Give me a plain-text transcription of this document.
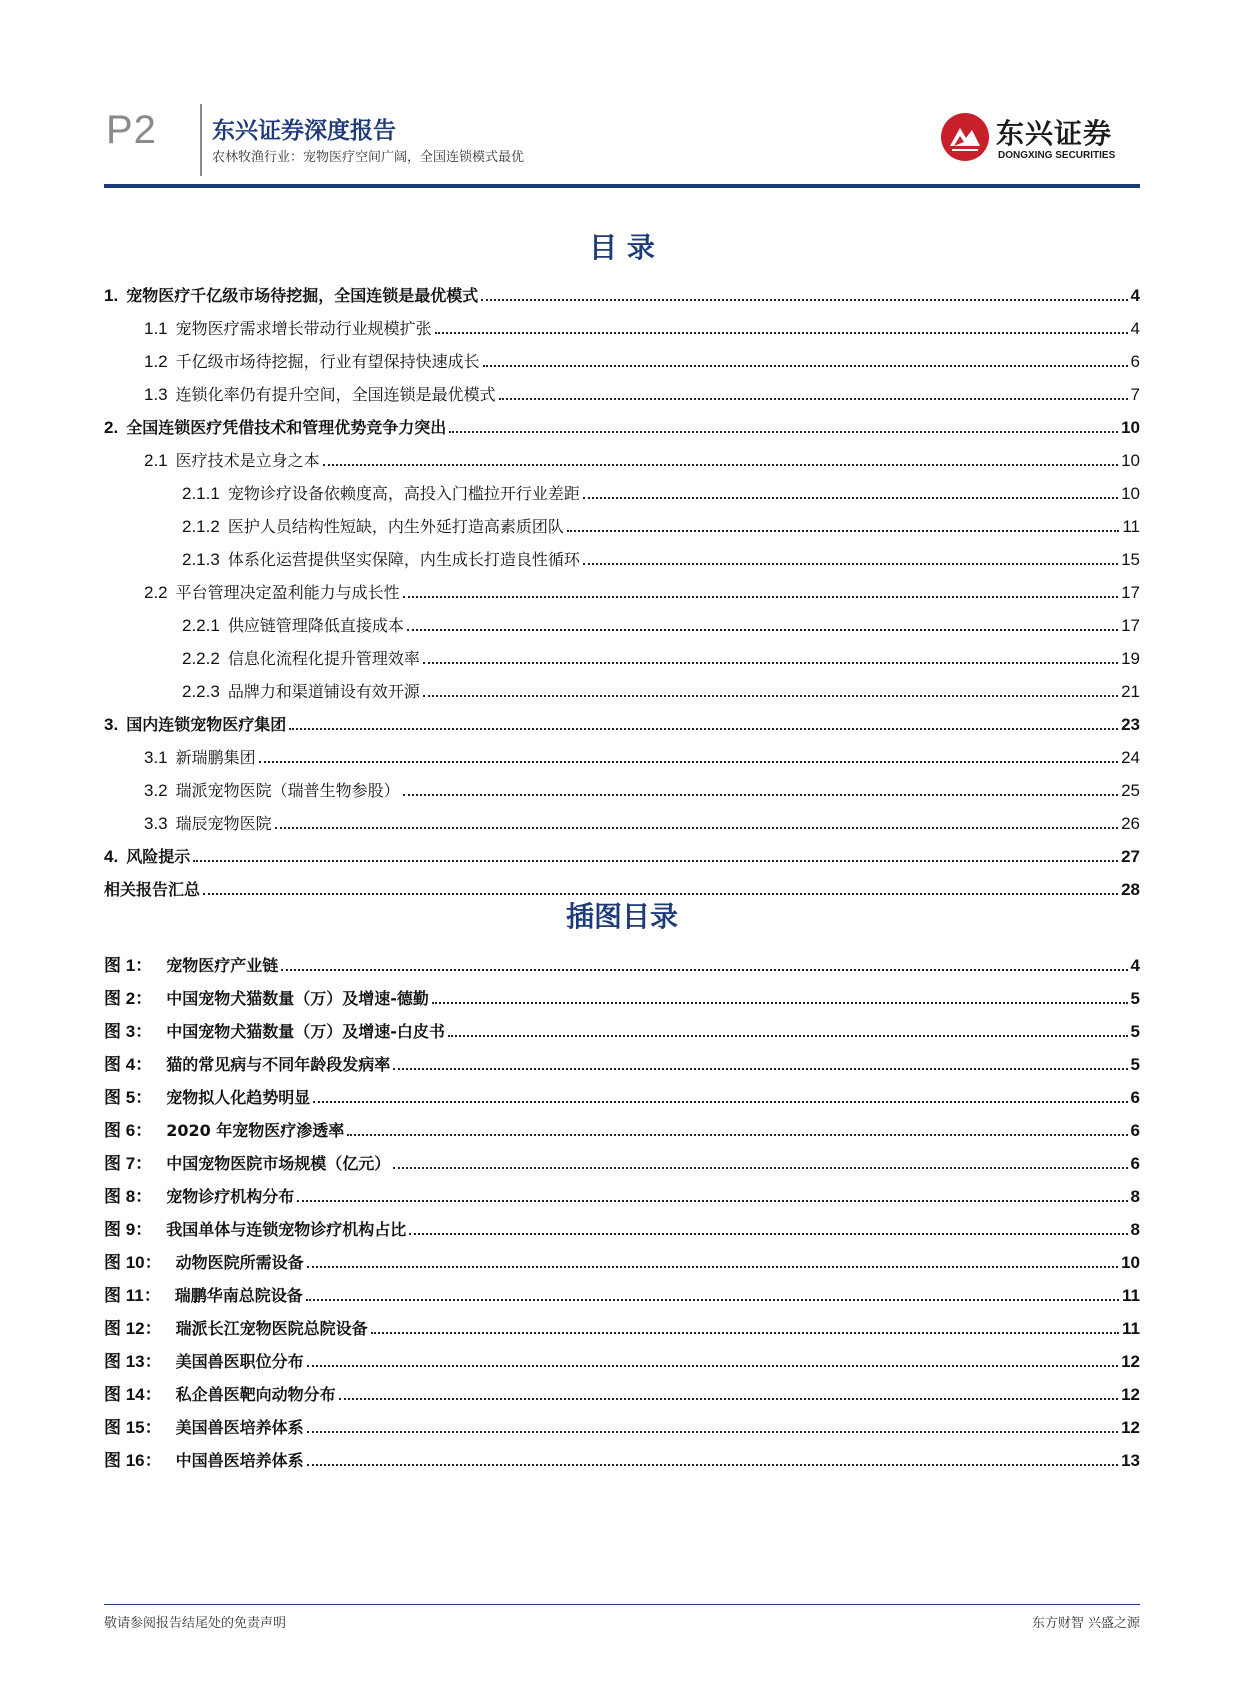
P2 东兴证券深度报告
农林牧渔行业：宠物医疗空间广阔，全国连锁模式最优
东兴证券
DONGXING SECURITIES
目 录
1. 宠物医疗千亿级市场待挖掘，全国连锁是最优模式	4
1.1 宠物医疗需求增长带动行业规模扩张	4
1.2 千亿级市场待挖掘，行业有望保持快速成长	6
1.3 连锁化率仍有提升空间，全国连锁是最优模式	7
2. 全国连锁医疗凭借技术和管理优势竞争力突出	10
2.1 医疗技术是立身之本	10
2.1.1 宠物诊疗设备依赖度高，高投入门槛拉开行业差距	10
2.1.2 医护人员结构性短缺，内生外延打造高素质团队	11
2.1.3 体系化运营提供坚实保障，内生成长打造良性循环	15
2.2 平台管理决定盈利能力与成长性	17
2.2.1 供应链管理降低直接成本	17
2.2.2 信息化流程化提升管理效率	19
2.2.3 品牌力和渠道铺设有效开源	21
3. 国内连锁宠物医疗集团	23
3.1 新瑞鹏集团	24
3.2 瑞派宠物医院（瑞普生物参股）	25
3.3 瑞辰宠物医院	26
4. 风险提示	27
相关报告汇总	28
插图目录
图 1： 宠物医疗产业链	4
图 2： 中国宠物犬猫数量（万）及增速-德勤	5
图 3： 中国宠物犬猫数量（万）及增速-白皮书	5
图 4： 猫的常见病与不同年龄段发病率	5
图 5： 宠物拟人化趋势明显	6
图 6： 2020 年宠物医疗渗透率	6
图 7： 中国宠物医院市场规模（亿元）	6
图 8： 宠物诊疗机构分布	8
图 9： 我国单体与连锁宠物诊疗机构占比	8
图 10： 动物医院所需设备	10
图 11： 瑞鹏华南总院设备	11
图 12： 瑞派长江宠物医院总院设备	11
图 13： 美国兽医职位分布	12
图 14： 私企兽医靶向动物分布	12
图 15： 美国兽医培养体系	12
图 16： 中国兽医培养体系	13
敬请参阅报告结尾处的免责声明	东方财智 兴盛之源
